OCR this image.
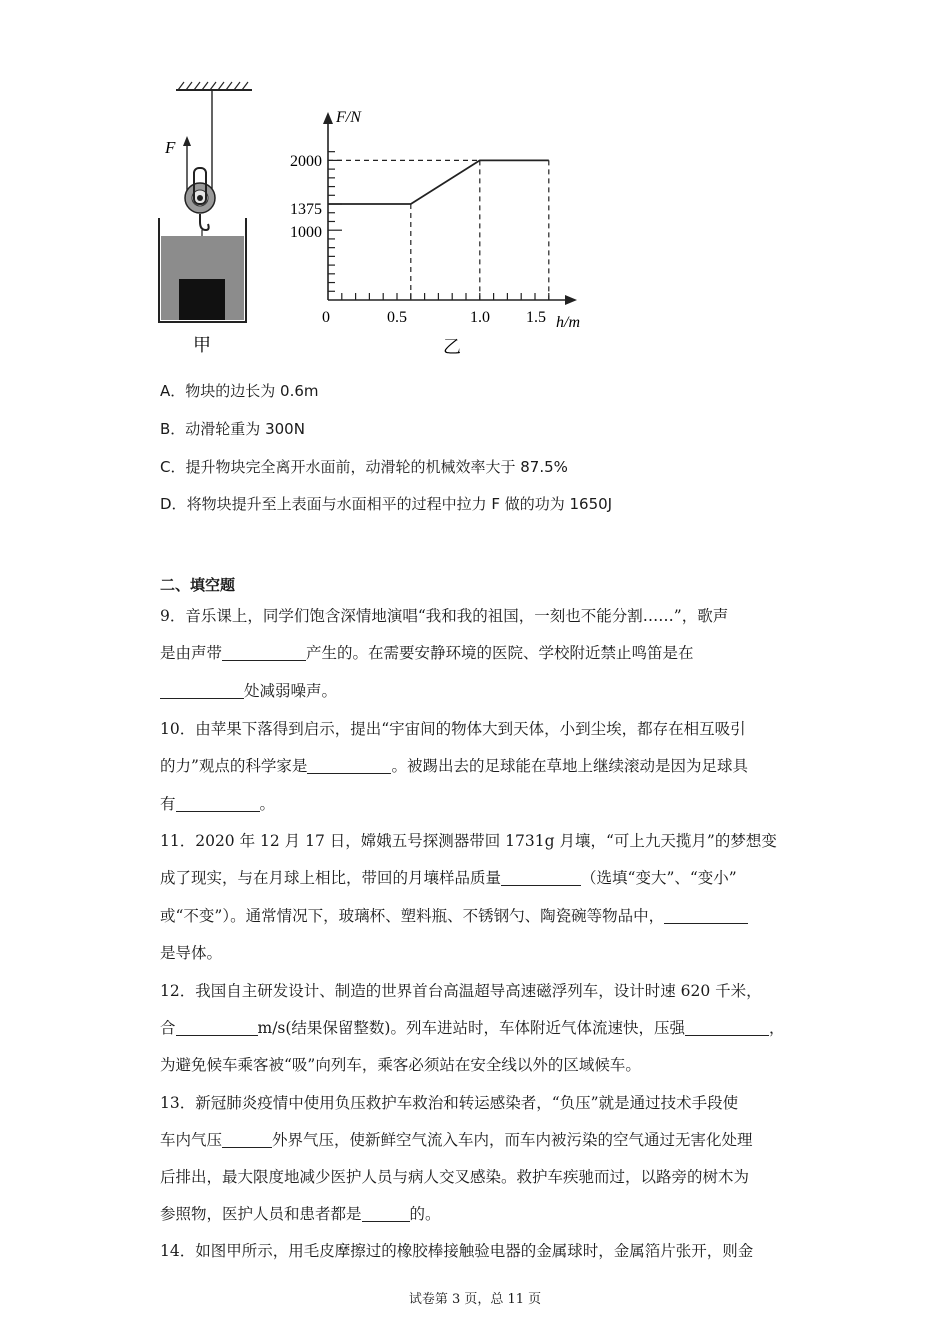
F
甲
F/N
h/m
2000
1375
1000
0	0.5	1.0 1.5
乙
A．物块的边长为 0.6m
B．动滑轮重为 300N
C．提升物块完全离开水面前，动滑轮的机械效率大于 87.5%
D．将物块提升至上表面与水面相平的过程中拉力 F 做的功为 1650J
二、填空题
9．音乐课上，同学们饱含深情地演唱“我和我的祖国，一刻也不能分割……”，歌声
是由声带	产生的。在需要安静环境的医院、学校附近禁止鸣笛是在
处减弱噪声。
10．由苹果下落得到启示，提出“宇宙间的物体大到天体，小到尘埃，都存在相互吸引
的力”观点的科学家是	。被踢出去的足球能在草地上继续滚动是因为足球具
有	。
11．2020 年 12 月 17 日，嫦娥五号探测器带回 1731g 月壤，“可上九天揽月”的梦想变
成了现实，与在月球上相比，带回的月壤样品质量	（选填“变大”、“变小”
或“不变”）。通常情况下，玻璃杯、塑料瓶、不锈钢勺、陶瓷碗等物品中，
是导体。
12．我国自主研发设计、制造的世界首台高温超导高速磁浮列车，设计时速 620 千米，
合	m/s(结果保留整数)。列车进站时，车体附近气体流速快，压强	，
为避免候车乘客被“吸”向列车，乘客必须站在安全线以外的区域候车。
13．新冠肺炎疫情中使用负压救护车救治和转运感染者，“负压”就是通过技术手段使
车内气压	外界气压，使新鲜空气流入车内，而车内被污染的空气通过无害化处理
后排出，最大限度地减少医护人员与病人交叉感染。救护车疾驰而过，以路旁的树木为
参照物，医护人员和患者都是	的。
14．如图甲所示，用毛皮摩擦过的橡胶棒接触验电器的金属球时，金属箔片张开，则金
试卷第 3 页，总 11 页
